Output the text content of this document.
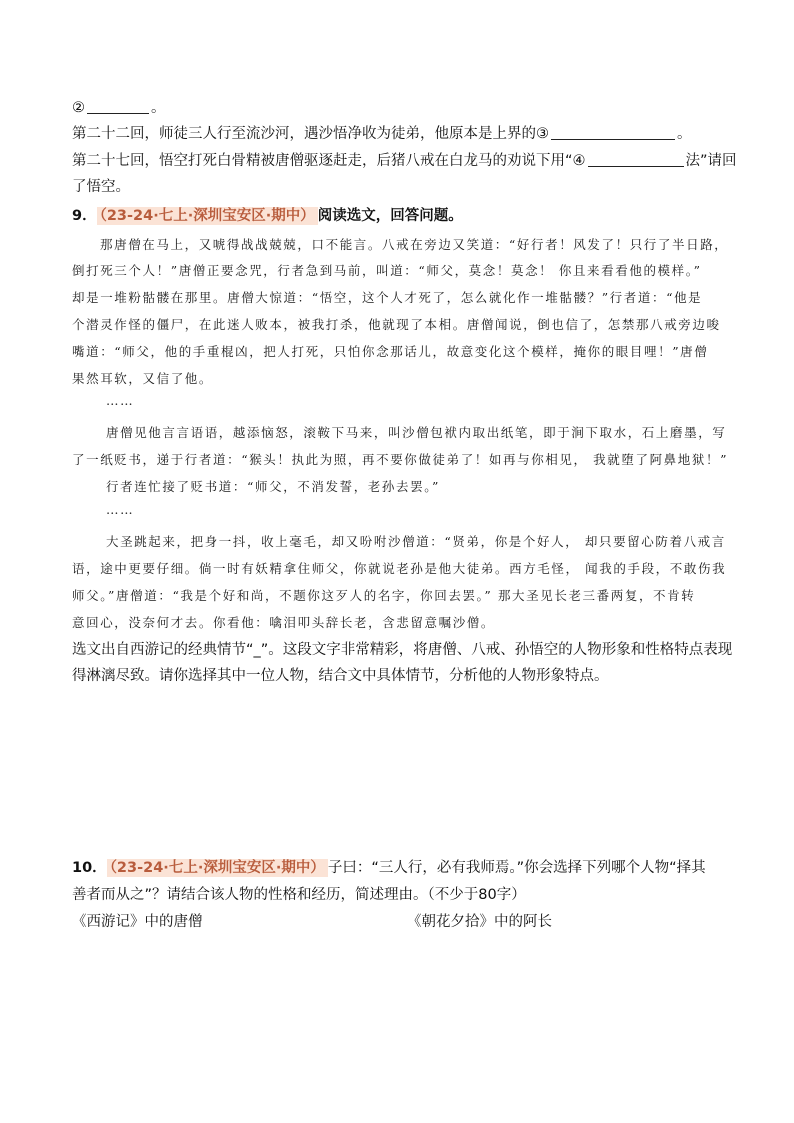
②	。
第二十二回，师徒三人行至流沙河，遇沙悟净收为徒弟，他原本是上界的③	。
第二十七回，悟空打死白骨精被唐僧驱逐赶走，后猪八戒在白龙马的劝说下用“④	法”请回
了悟空。
9． （23-24·七上·深圳宝安区·期中） 阅读选文，回答问题。
那唐僧在马上，又唬得战战兢兢，口不能言。八戒在旁边又笑道：“好行者！风发了！只行了半日路，
倒打死三个人！”唐僧正要念咒，行者急到马前，叫道：“师父，莫念！莫念！ 你且来看看他的模样。”
却是一堆粉骷髅在那里。唐僧大惊道：“悟空，这个人才死了，怎么就化作一堆骷髅？”行者道：“他是
个潜灵作怪的僵尸，在此迷人败本，被我打杀，他就现了本相。唐僧闻说，倒也信了，怎禁那八戒旁边唆
嘴道：“师父，他的手重棍凶，把人打死，只怕你念那话儿，故意变化这个模样，掩你的眼目哩！”唐僧
果然耳软，又信了他。
……
唐僧见他言言语语，越添恼怒，滚鞍下马来，叫沙僧包袱内取出纸笔，即于涧下取水，石上磨墨，写
了一纸贬书，递于行者道：“猴头！执此为照，再不要你做徒弟了！如再与你相见， 我就堕了阿鼻地狱！”
行者连忙接了贬书道：“师父，不消发誓，老孙去罢。”
……
大圣跳起来，把身一抖，收上毫毛，却又吩咐沙僧道：“贤弟，你是个好人， 却只要留心防着八戒言
语，途中更要仔细。倘一时有妖精拿住师父，你就说老孙是他大徒弟。西方毛怪， 闻我的手段，不敢伤我
师父。”唐僧道：“我是个好和尚，不题你这歹人的名字，你回去罢。” 那大圣见长老三番两复，不肯转
意回心，没奈何才去。你看他：噙泪叩头辞长老，含悲留意嘱沙僧。
选文出自西游记的经典情节“_”。这段文字非常精彩，将唐僧、八戒、孙悟空的人物形象和性格特点表现
得淋漓尽致。请你选择其中一位人物，结合文中具体情节，分析他的人物形象特点。
10． （23-24·七上·深圳宝安区·期中） 子曰：“三人行，必有我师焉。”你会选择下列哪个人物“择其
善者而从之”？请结合该人物的性格和经历，简述理由。（不少于80字）
《西游记》中的唐僧	《朝花夕拾》中的阿长
